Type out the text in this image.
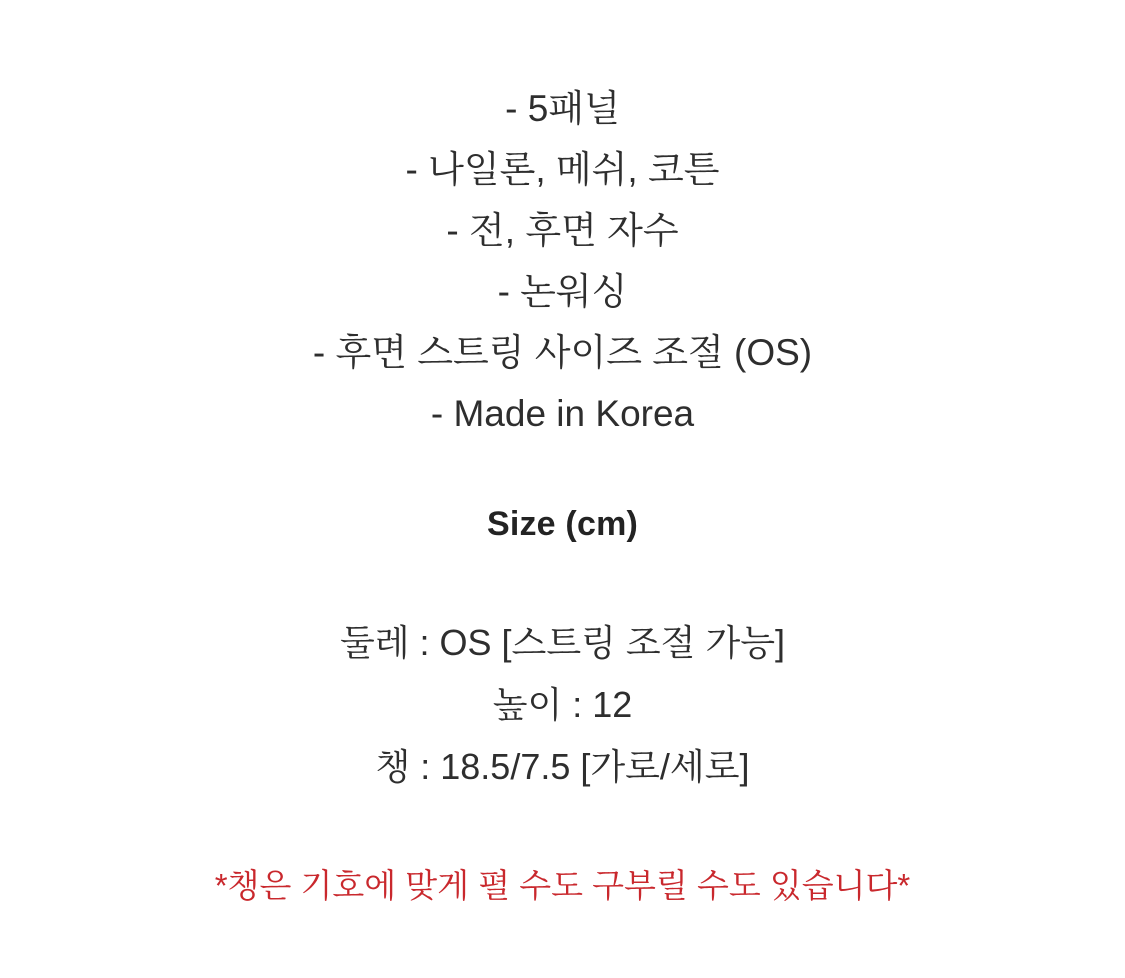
- 5패널
- 나일론, 메쉬, 코튼
- 전, 후면 자수
- 논워싱
- 후면 스트링 사이즈 조절 (OS)
- Made in Korea
Size (cm)
둘레 : OS [스트링 조절 가능]
높이 : 12
챙 : 18.5/7.5 [가로/세로]
*챙은 기호에 맞게 펼 수도 구부릴 수도 있습니다*
